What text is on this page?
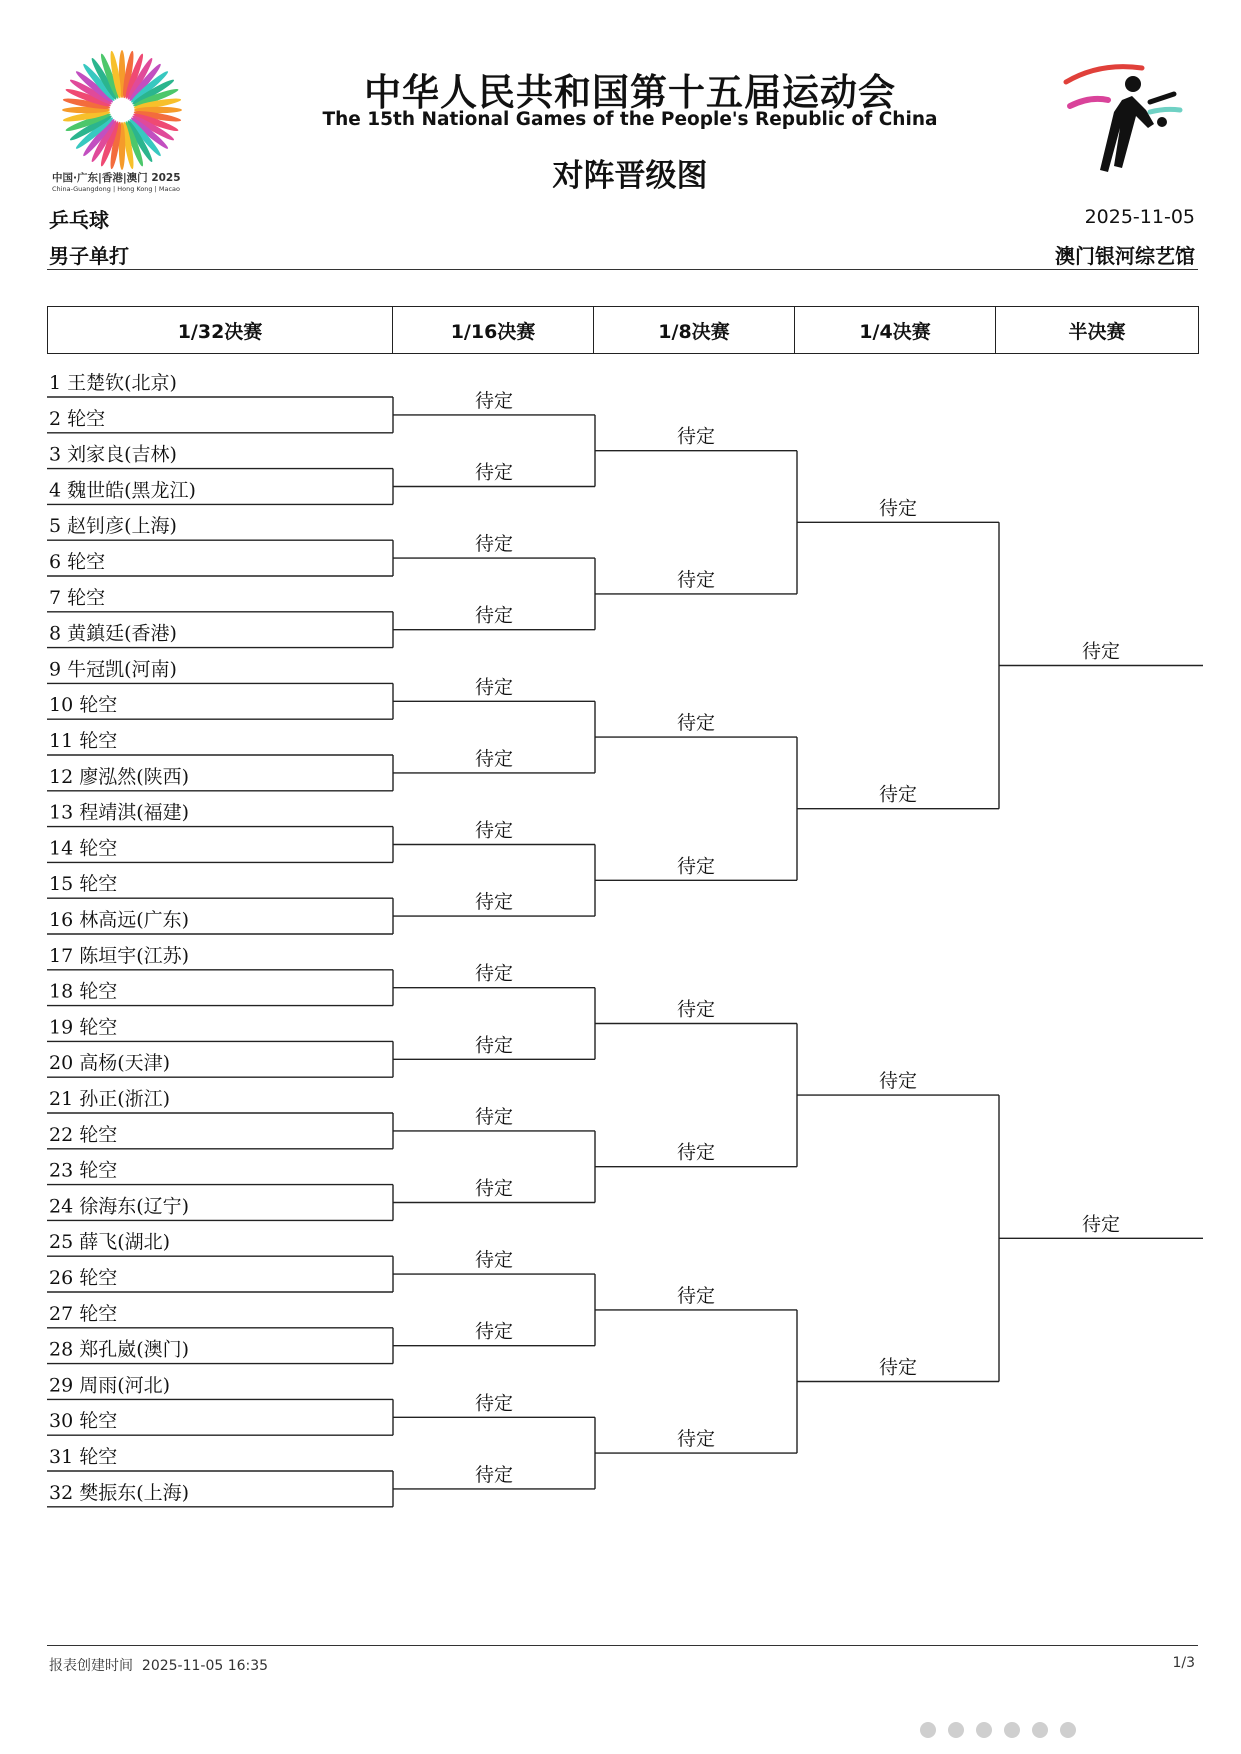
中国·广东|香港|澳门 2025
China-Guangdong | Hong Kong | Macao
中华人民共和国第十五届运动会
The 15th National Games of the People's Republic of China
对阵晋级图
乒乓球
男子单打
2025-11-05
澳门银河综艺馆
1/32决赛	1/16决赛	1/8决赛	1/4决赛	半决赛
1 王楚钦(北京)
2 轮空
3 刘家良(吉林)
4 魏世皓(黑龙江)
5 赵钊彦(上海)
6 轮空
7 轮空
8 黄鎮廷(香港)
9 牛冠凯(河南)
10 轮空
11 轮空
12 廖泓然(陕西)
13 程靖淇(福建)
14 轮空
15 轮空
16 林高远(广东)
17 陈垣宇(江苏)
18 轮空
19 轮空
20 高杨(天津)
21 孙正(浙江)
22 轮空
23 轮空
24 徐海东(辽宁)
25 薛飞(湖北)
26 轮空
27 轮空
28 郑孔崴(澳门)
29 周雨(河北)
30 轮空
31 轮空
32 樊振东(上海)
待定
待定
待定
待定
待定
待定
待定
待定
待定
待定
待定
待定
待定
待定
待定
待定
待定
待定
待定
待定
待定
待定
待定
待定
待定
待定
待定
待定
待定
待定
报表创建时间 2025-11-05 16:35	1/3
